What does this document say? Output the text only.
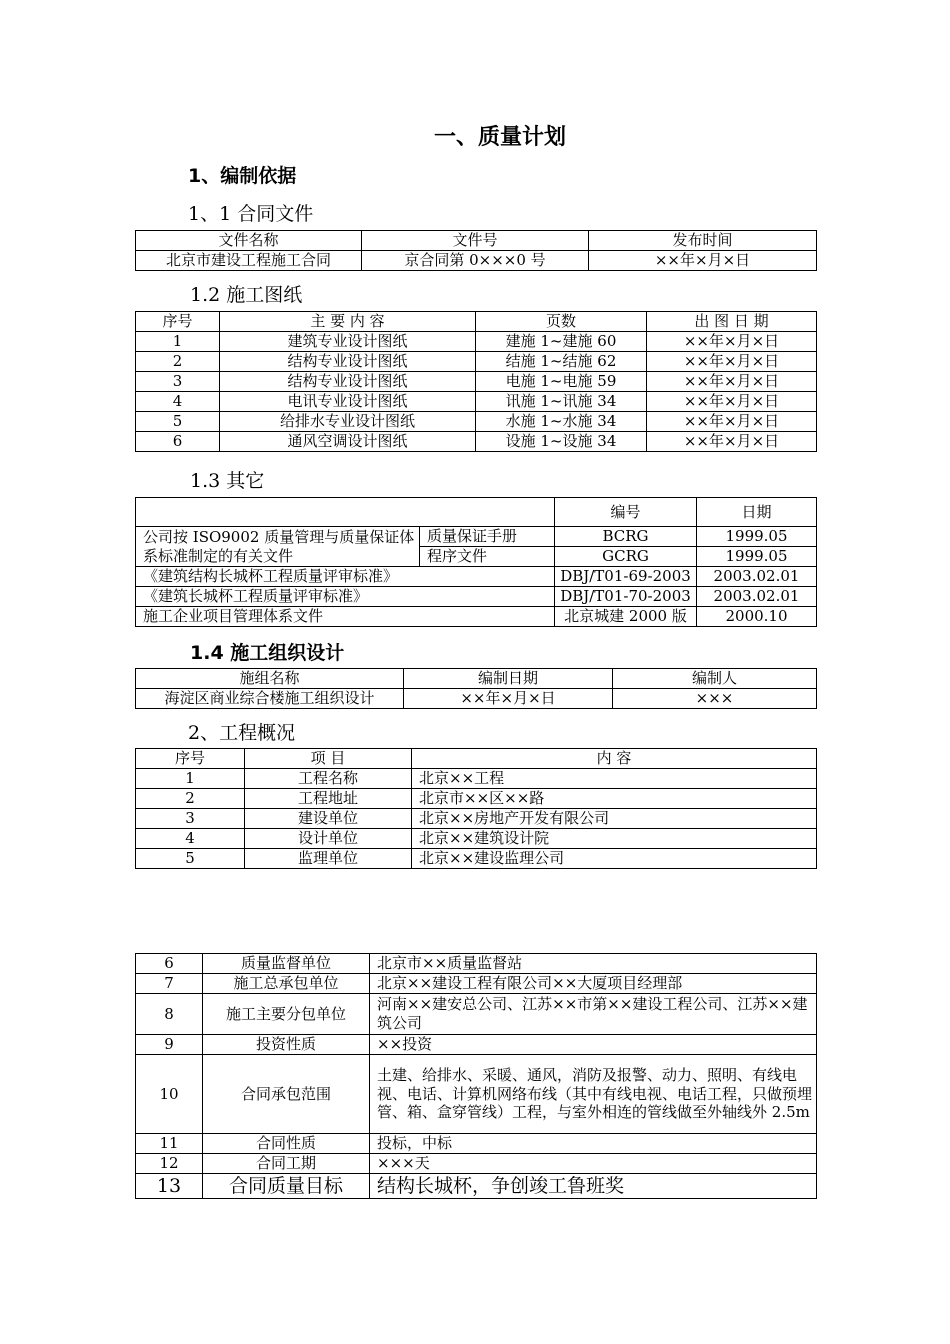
一、质量计划
1、编制依据
1、1 合同文件
文件名称	文件号	发布时间
北京市建设工程施工合同	京合同第 0×××0 号	××年×月×日
1.2 施工图纸
序号	主 要 内 容	页数	出 图 日 期
1	建筑专业设计图纸	建施 1~建施 60	××年×月×日
2	结构专业设计图纸	结施 1~结施 62	××年×月×日
3	结构专业设计图纸	电施 1~电施 59	××年×月×日
4	电讯专业设计图纸	讯施 1~讯施 34	××年×月×日
5	给排水专业设计图纸	水施 1~水施 34	××年×月×日
6	通风空调设计图纸	设施 1~设施 34	××年×月×日
1.3 其它
		编号	日期
公司按 ISO9002 质量管理与质量保证体系标准制定的有关文件	质量保证手册	BCRG	1999.05
	程序文件	GCRG	1999.05
《建筑结构长城杯工程质量评审标准》		DBJ/T01-69-2003	2003.02.01
《建筑长城杯工程质量评审标准》		DBJ/T01-70-2003	2003.02.01
施工企业项目管理体系文件		北京城建 2000 版	2000.10
1.4 施工组织设计
施组名称	编制日期	编制人
海淀区商业综合楼施工组织设计	××年×月×日	×××
2、工程概况
序号	项 目	内 容
1	工程名称	北京××工程
2	工程地址	北京市××区××路
3	建设单位	北京××房地产开发有限公司
4	设计单位	北京××建筑设计院
5	监理单位	北京××建设监理公司
6	质量监督单位	北京市××质量监督站
7	施工总承包单位	北京××建设工程有限公司××大厦项目经理部
8	施工主要分包单位	河南××建安总公司、江苏××市第××建设工程公司、江苏××建筑公司
9	投资性质	××投资
10	合同承包范围	土建、给排水、采暖、通风，消防及报警、动力、照明、有线电视、电话、计算机网络布线（其中有线电视、电话工程，只做预埋管、箱、盒穿管线）工程，与室外相连的管线做至外轴线外 2.5m
11	合同性质	投标，中标
12	合同工期	×××天
13	合同质量目标	结构长城杯，争创竣工鲁班奖
